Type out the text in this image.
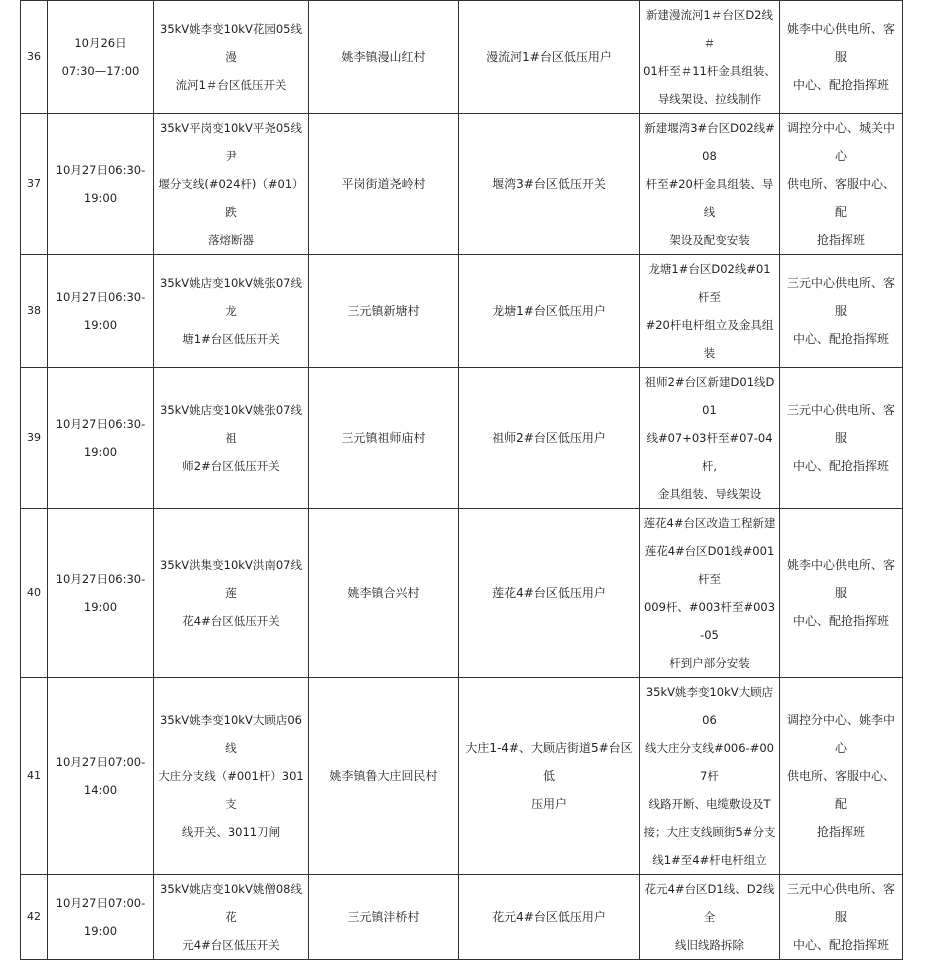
36	10月26日
07:30—17:00	35kV姚李变10kV花园05线漫
流河1＃台区低压开关	姚李镇漫山红村	漫流河1#台区低压用户	新建漫流河1＃台区D2线＃
01杆至＃11杆金具组装、
导线架设、拉线制作	姚李中心供电所、客服
中心、配抢指挥班

37	10月27日06:30-
19:00	35kV平岗变10kV平尧05线尹
堰分支线(#024杆)（#01）跌
落熔断器	平岗街道尧岭村	堰湾3#台区低压开关	新建堰湾3#台区D02线#08
杆至#20杆金具组装、导线
架设及配变安装	调控分中心、城关中心
供电所、客服中心、配
抢指挥班

38	10月27日06:30-
19:00	35kV姚店变10kV姚张07线龙
塘1#台区低压开关	三元镇新塘村	龙塘1#台区低压用户	龙塘1#台区D02线#01杆至
#20杆电杆组立及金具组装	三元中心供电所、客服
中心、配抢指挥班

39	10月27日06:30-
19:00	35kV姚店变10kV姚张07线祖
师2#台区低压开关	三元镇祖师庙村	祖师2#台区低压用户	祖师2#台区新建D01线D01
线#07+03杆至#07-04杆,
金具组装、导线架设	三元中心供电所、客服
中心、配抢指挥班

40	10月27日06:30-
19:00	35kV洪集变10kV洪南07线莲
花4#台区低压开关	姚李镇合兴村	莲花4#台区低压用户	莲花4#台区改造工程新建
莲花4#台区D01线#001杆至
009杆、#003杆至#003-05
杆到户部分安装	姚李中心供电所、客服
中心、配抢指挥班

41	10月27日07:00-
14:00	35kV姚李变10kV大顾店06线
大庄分支线（#001杆）301支
线开关、3011刀闸	姚李镇鲁大庄回民村	大庄1-4#、大顾店街道5#台区低
压用户	35kV姚李变10kV大顾店06
线大庄分支线#006-#007杆
线路开断、电缆敷设及T
接；大庄支线顾街5#分支
线1#至4#杆电杆组立	调控分中心、姚李中心
供电所、客服中心、配
抢指挥班

42	10月27日07:00-
19:00	35kV姚店变10kV姚僧08线花
元4#台区低压开关	三元镇沣桥村	花元4#台区低压用户	花元4#台区D1线、D2线全
线旧线路拆除	三元中心供电所、客服
中心、配抢指挥班
